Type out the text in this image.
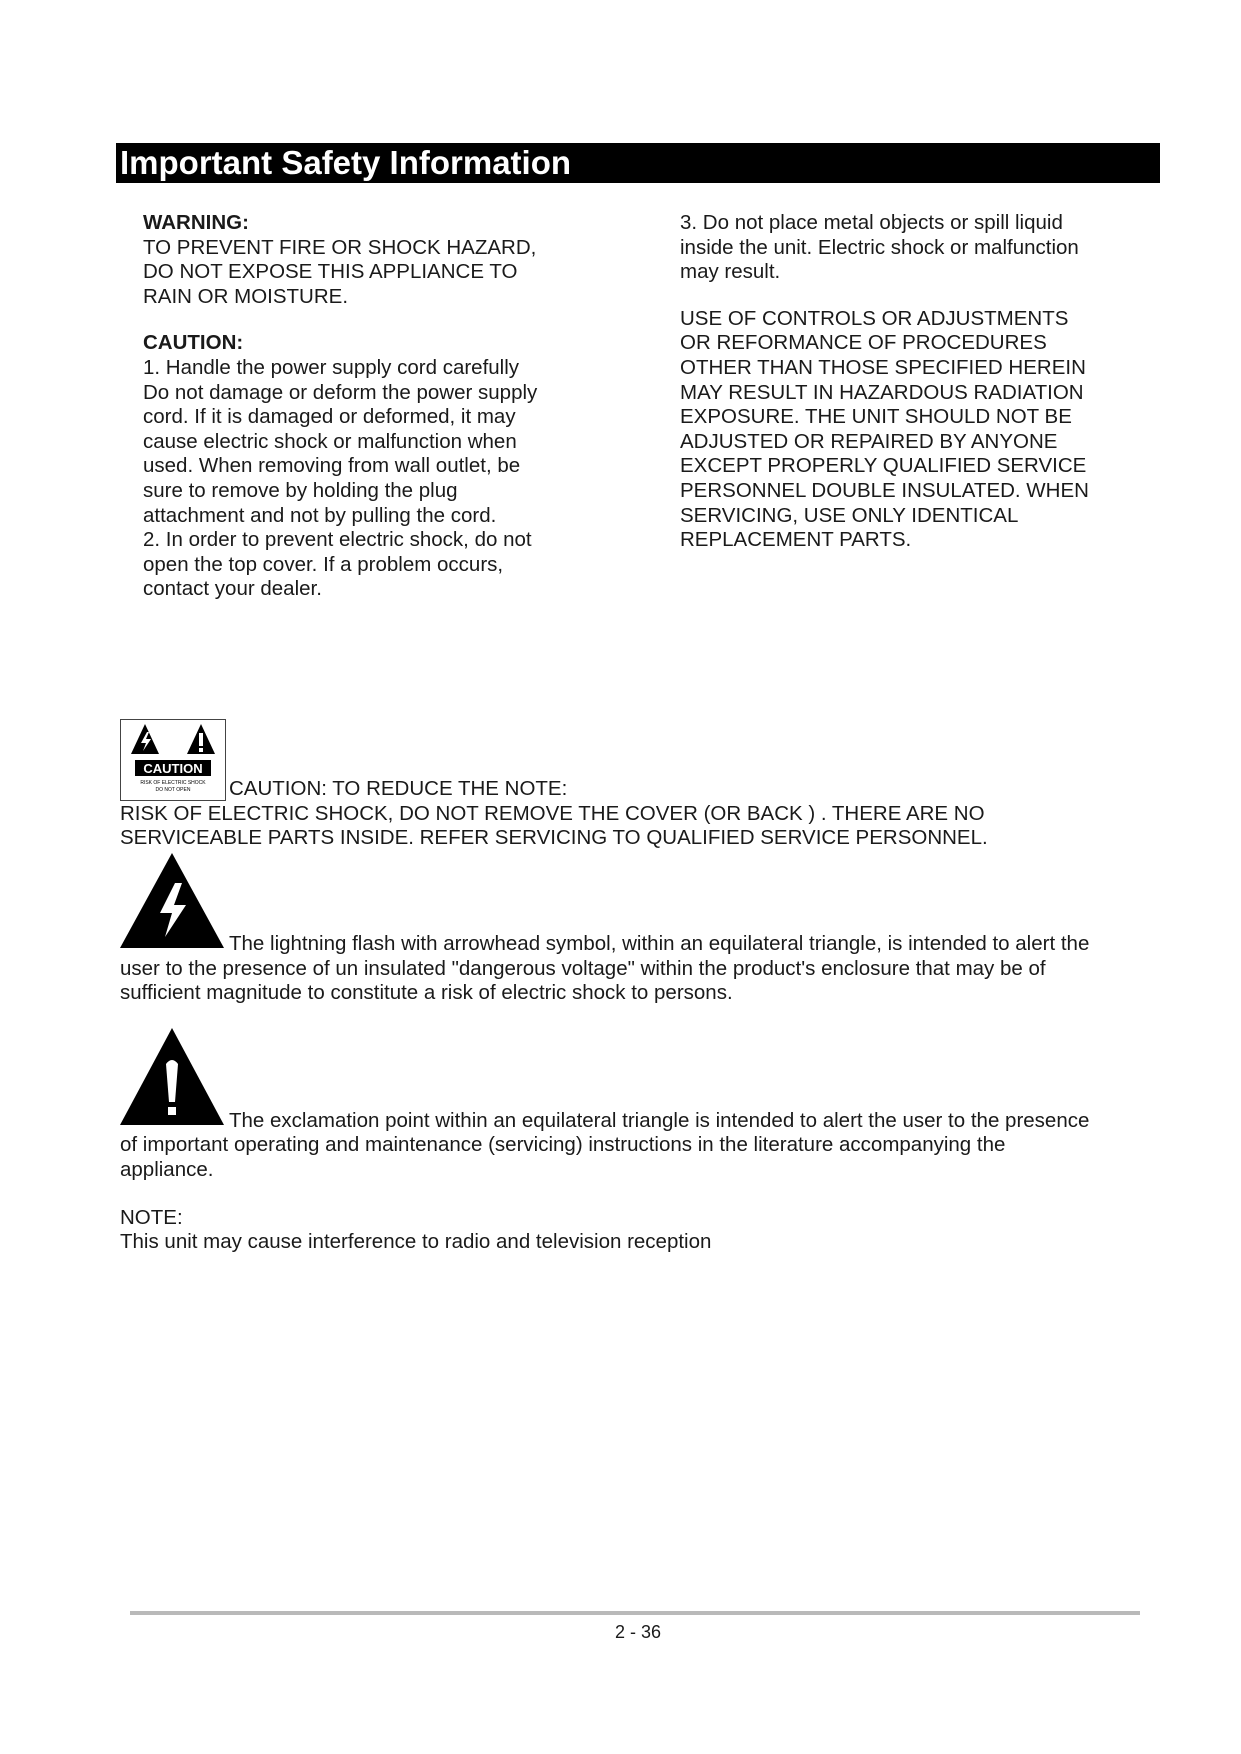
Important Safety Information
WARNING:
TO PREVENT FIRE OR SHOCK HAZARD,
DO NOT EXPOSE THIS APPLIANCE TO
RAIN OR MOISTURE.
CAUTION:
1. Handle the power supply cord carefully
Do not damage or deform the power supply
cord. If it is damaged or deformed, it may
cause electric shock or malfunction when
used. When removing from wall outlet, be
sure to remove by holding the plug
attachment and not by pulling the cord.
2. In order to prevent electric shock, do not
open the top cover. If a problem occurs,
contact your dealer.
3. Do not place metal objects or spill liquid
inside the unit. Electric shock or malfunction
may result.
USE OF CONTROLS OR ADJUSTMENTS
OR REFORMANCE OF PROCEDURES
OTHER THAN THOSE SPECIFIED HEREIN
MAY RESULT IN HAZARDOUS RADIATION
EXPOSURE. THE UNIT SHOULD NOT BE
ADJUSTED OR REPAIRED BY ANYONE
EXCEPT PROPERLY QUALIFIED SERVICE
PERSONNEL DOUBLE INSULATED. WHEN
SERVICING, USE ONLY IDENTICAL
REPLACEMENT PARTS.
CAUTION
RISK OF ELECTRIC SHOCK
DO NOT OPEN CAUTION: TO REDUCE THE NOTE:
RISK OF ELECTRIC SHOCK, DO NOT REMOVE THE COVER (OR BACK ) . THERE ARE NO
SERVICEABLE PARTS INSIDE. REFER SERVICING TO QUALIFIED SERVICE PERSONNEL.
The lightning flash with arrowhead symbol, within an equilateral triangle, is intended to alert the
user to the presence of un insulated "dangerous voltage" within the product's enclosure that may be of
sufficient magnitude to constitute a risk of electric shock to persons.
The exclamation point within an equilateral triangle is intended to alert the user to the presence
of important operating and maintenance (servicing) instructions in the literature accompanying the
appliance.
NOTE:
This unit may cause interference to radio and television reception
2 - 36
